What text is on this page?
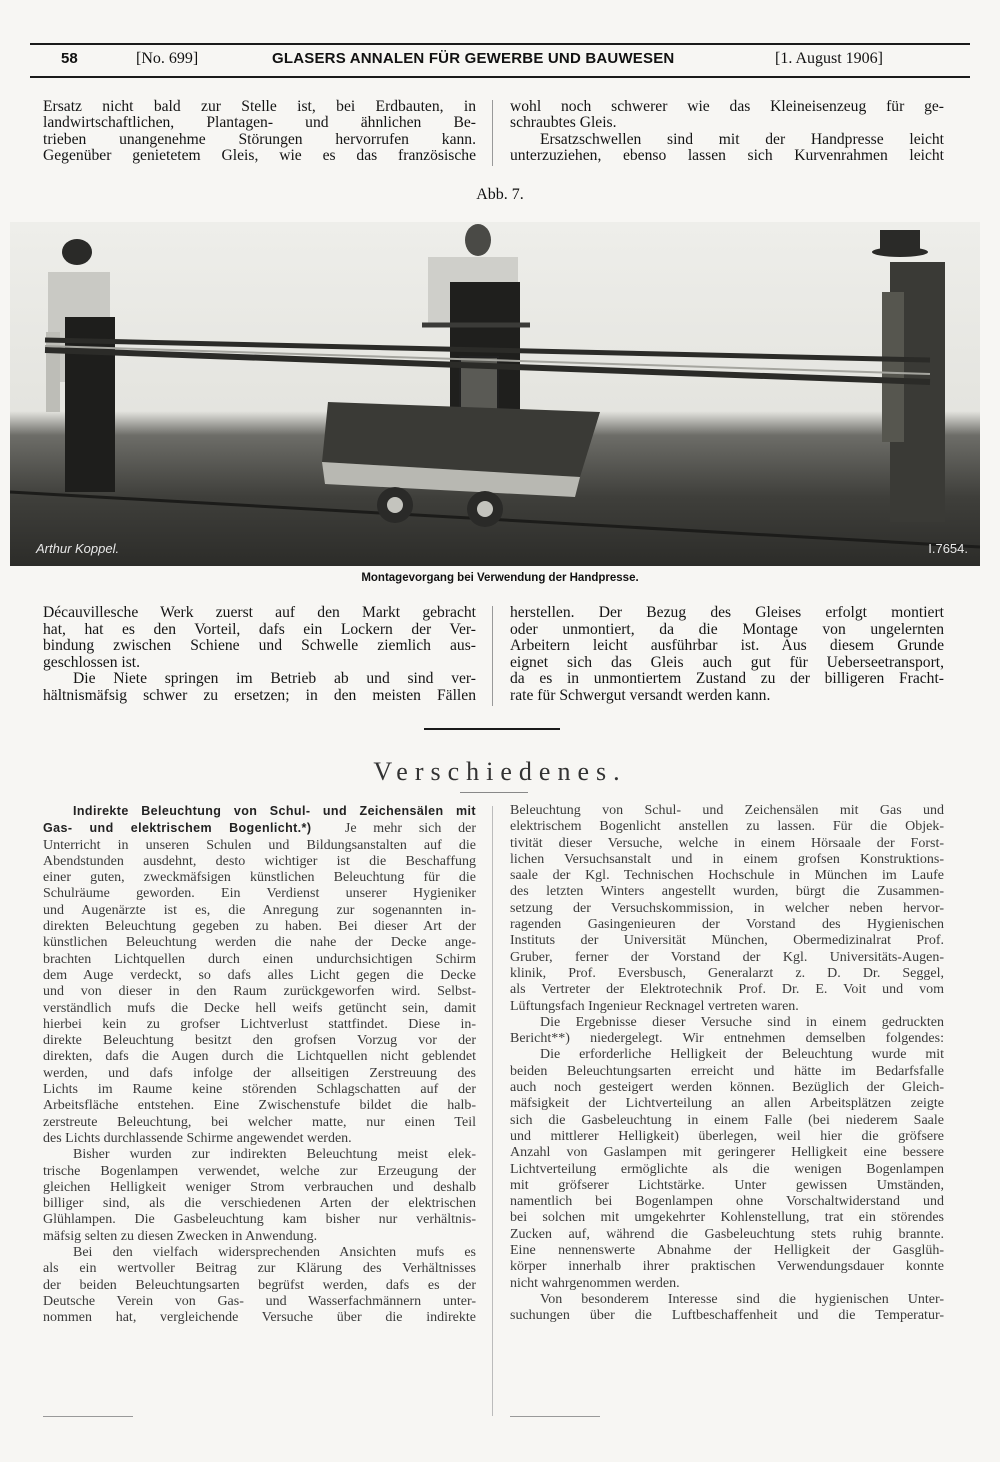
58	[No. 699]	GLASERS ANNALEN FÜR GEWERBE UND BAUWESEN	[1. August 1906]
Ersatz nicht bald zur Stelle ist, bei Erdbauten, in
landwirtschaftlichen, Plantagen- und ähnlichen Be-
trieben unangenehme Störungen hervorrufen kann.
Gegenüber genietetem Gleis, wie es das französische
wohl noch schwerer wie das Kleineisenzeug für ge-
schraubtes Gleis.
Ersatzschwellen sind mit der Handpresse leicht
unterzuziehen, ebenso lassen sich Kurvenrahmen leicht
Abb. 7.
Arthur Koppel.	I.7654.
Montagevorgang bei Verwendung der Handpresse.
Décauvillesche Werk zuerst auf den Markt gebracht
hat, hat es den Vorteil, dafs ein Lockern der Ver-
bindung zwischen Schiene und Schwelle ziemlich aus-
geschlossen ist.
Die Niete springen im Betrieb ab und sind ver-
hältnismäfsig schwer zu ersetzen; in den meisten Fällen
herstellen. Der Bezug des Gleises erfolgt montiert
oder unmontiert, da die Montage von ungelernten
Arbeitern leicht ausführbar ist. Aus diesem Grunde
eignet sich das Gleis auch gut für Ueberseetransport,
da es in unmontiertem Zustand zu der billigeren Fracht-
rate für Schwergut versandt werden kann.
Verschiedenes.
Indirekte Beleuchtung von Schul- und Zeichensälen mit
Gas- und elektrischem Bogenlicht.*) Je mehr sich der
Unterricht in unseren Schulen und Bildungsanstalten auf die
Abendstunden ausdehnt, desto wichtiger ist die Beschaffung
einer guten, zweckmäfsigen künstlichen Beleuchtung für die
Schulräume geworden. Ein Verdienst unserer Hygieniker
und Augenärzte ist es, die Anregung zur sogenannten in-
direkten Beleuchtung gegeben zu haben. Bei dieser Art der
künstlichen Beleuchtung werden die nahe der Decke ange-
brachten Lichtquellen durch einen undurchsichtigen Schirm
dem Auge verdeckt, so dafs alles Licht gegen die Decke
und von dieser in den Raum zurückgeworfen wird. Selbst-
verständlich mufs die Decke hell weifs getüncht sein, damit
hierbei kein zu grofser Lichtverlust stattfindet. Diese in-
direkte Beleuchtung besitzt den grofsen Vorzug vor der
direkten, dafs die Augen durch die Lichtquellen nicht geblendet
werden, und dafs infolge der allseitigen Zerstreuung des
Lichts im Raume keine störenden Schlagschatten auf der
Arbeitsfläche entstehen. Eine Zwischenstufe bildet die halb-
zerstreute Beleuchtung, bei welcher matte, nur einen Teil
des Lichts durchlassende Schirme angewendet werden.
Bisher wurden zur indirekten Beleuchtung meist elek-
trische Bogenlampen verwendet, welche zur Erzeugung der
gleichen Helligkeit weniger Strom verbrauchen und deshalb
billiger sind, als die verschiedenen Arten der elektrischen
Glühlampen. Die Gasbeleuchtung kam bisher nur verhältnis-
mäfsig selten zu diesen Zwecken in Anwendung.
Bei den vielfach widersprechenden Ansichten mufs es
als ein wertvoller Beitrag zur Klärung des Verhältnisses
der beiden Beleuchtungsarten begrüfst werden, dafs es der
Deutsche Verein von Gas- und Wasserfachmännern unter-
nommen hat, vergleichende Versuche über die indirekte
Beleuchtung von Schul- und Zeichensälen mit Gas und
elektrischem Bogenlicht anstellen zu lassen. Für die Objek-
tivität dieser Versuche, welche in einem Hörsaale der Forst-
lichen Versuchsanstalt und in einem grofsen Konstruktions-
saale der Kgl. Technischen Hochschule in München im Laufe
des letzten Winters angestellt wurden, bürgt die Zusammen-
setzung der Versuchskommission, in welcher neben hervor-
ragenden Gasingenieuren der Vorstand des Hygienischen
Instituts der Universität München, Obermedizinalrat Prof.
Gruber, ferner der Vorstand der Kgl. Universitäts-Augen-
klinik, Prof. Eversbusch, Generalarzt z. D. Dr. Seggel,
als Vertreter der Elektrotechnik Prof. Dr. E. Voit und vom
Lüftungsfach Ingenieur Recknagel vertreten waren.
Die Ergebnisse dieser Versuche sind in einem gedruckten
Bericht**) niedergelegt. Wir entnehmen demselben folgendes:
Die erforderliche Helligkeit der Beleuchtung wurde mit
beiden Beleuchtungsarten erreicht und hätte im Bedarfsfalle
auch noch gesteigert werden können. Bezüglich der Gleich-
mäfsigkeit der Lichtverteilung an allen Arbeitsplätzen zeigte
sich die Gasbeleuchtung in einem Falle (bei niederem Saale
und mittlerer Helligkeit) überlegen, weil hier die gröfsere
Anzahl von Gaslampen mit geringerer Helligkeit eine bessere
Lichtverteilung ermöglichte als die wenigen Bogenlampen
mit gröfserer Lichtstärke. Unter gewissen Umständen,
namentlich bei Bogenlampen ohne Vorschaltwiderstand und
bei solchen mit umgekehrter Kohlenstellung, trat ein störendes
Zucken auf, während die Gasbeleuchtung stets ruhig brannte.
Eine nennenswerte Abnahme der Helligkeit der Gasglüh-
körper innerhalb ihrer praktischen Verwendungsdauer konnte
nicht wahrgenommen werden.
Von besonderem Interesse sind die hygienischen Unter-
suchungen über die Luftbeschaffenheit und die Temperatur-
